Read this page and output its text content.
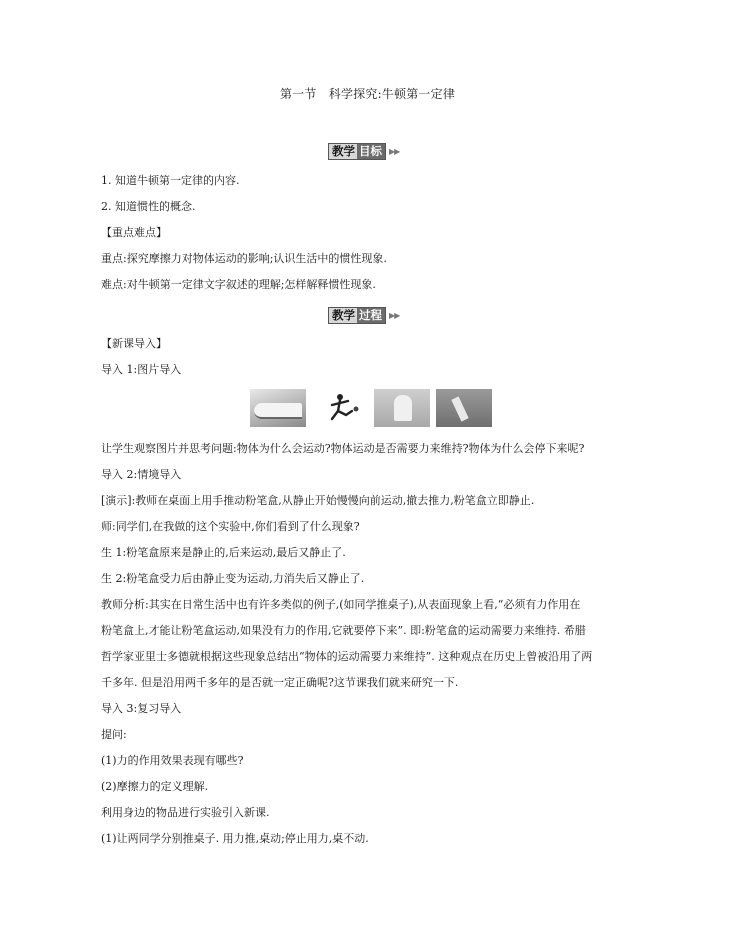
第一节　科学探究:牛顿第一定律
教学 目标 ▶▶
1. 知道牛顿第一定律的内容.
2. 知道惯性的概念.
【重点难点】
重点:探究摩擦力对物体运动的影响;认识生活中的惯性现象.
难点:对牛顿第一定律文字叙述的理解;怎样解释惯性现象.
教学 过程 ▶▶
【新课导入】
导入 1:图片导入
让学生观察图片并思考问题:物体为什么会运动?物体运动是否需要力来维持?物体为什么会停下来呢?
导入 2:情境导入
[演示]:教师在桌面上用手推动粉笔盒,从静止开始慢慢向前运动,撤去推力,粉笔盒立即静止.
师:同学们,在我做的这个实验中,你们看到了什么现象?
生 1:粉笔盒原来是静止的,后来运动,最后又静止了.
生 2:粉笔盒受力后由静止变为运动,力消失后又静止了.
教师分析:其实在日常生活中也有许多类似的例子,(如同学推桌子),从表面现象上看,“必须有力作用在
粉笔盒上,才能让粉笔盒运动,如果没有力的作用,它就要停下来”. 即:粉笔盒的运动需要力来维持. 希腊
哲学家亚里士多德就根据这些现象总结出“物体的运动需要力来维持”. 这种观点在历史上曾被沿用了两
千多年. 但是沿用两千多年的是否就一定正确呢?这节课我们就来研究一下.
导入 3:复习导入
提问:
(1)力的作用效果表现有哪些?
(2)摩擦力的定义理解.
利用身边的物品进行实验引入新课.
(1)让两同学分别推桌子. 用力推,桌动;停止用力,桌不动.
